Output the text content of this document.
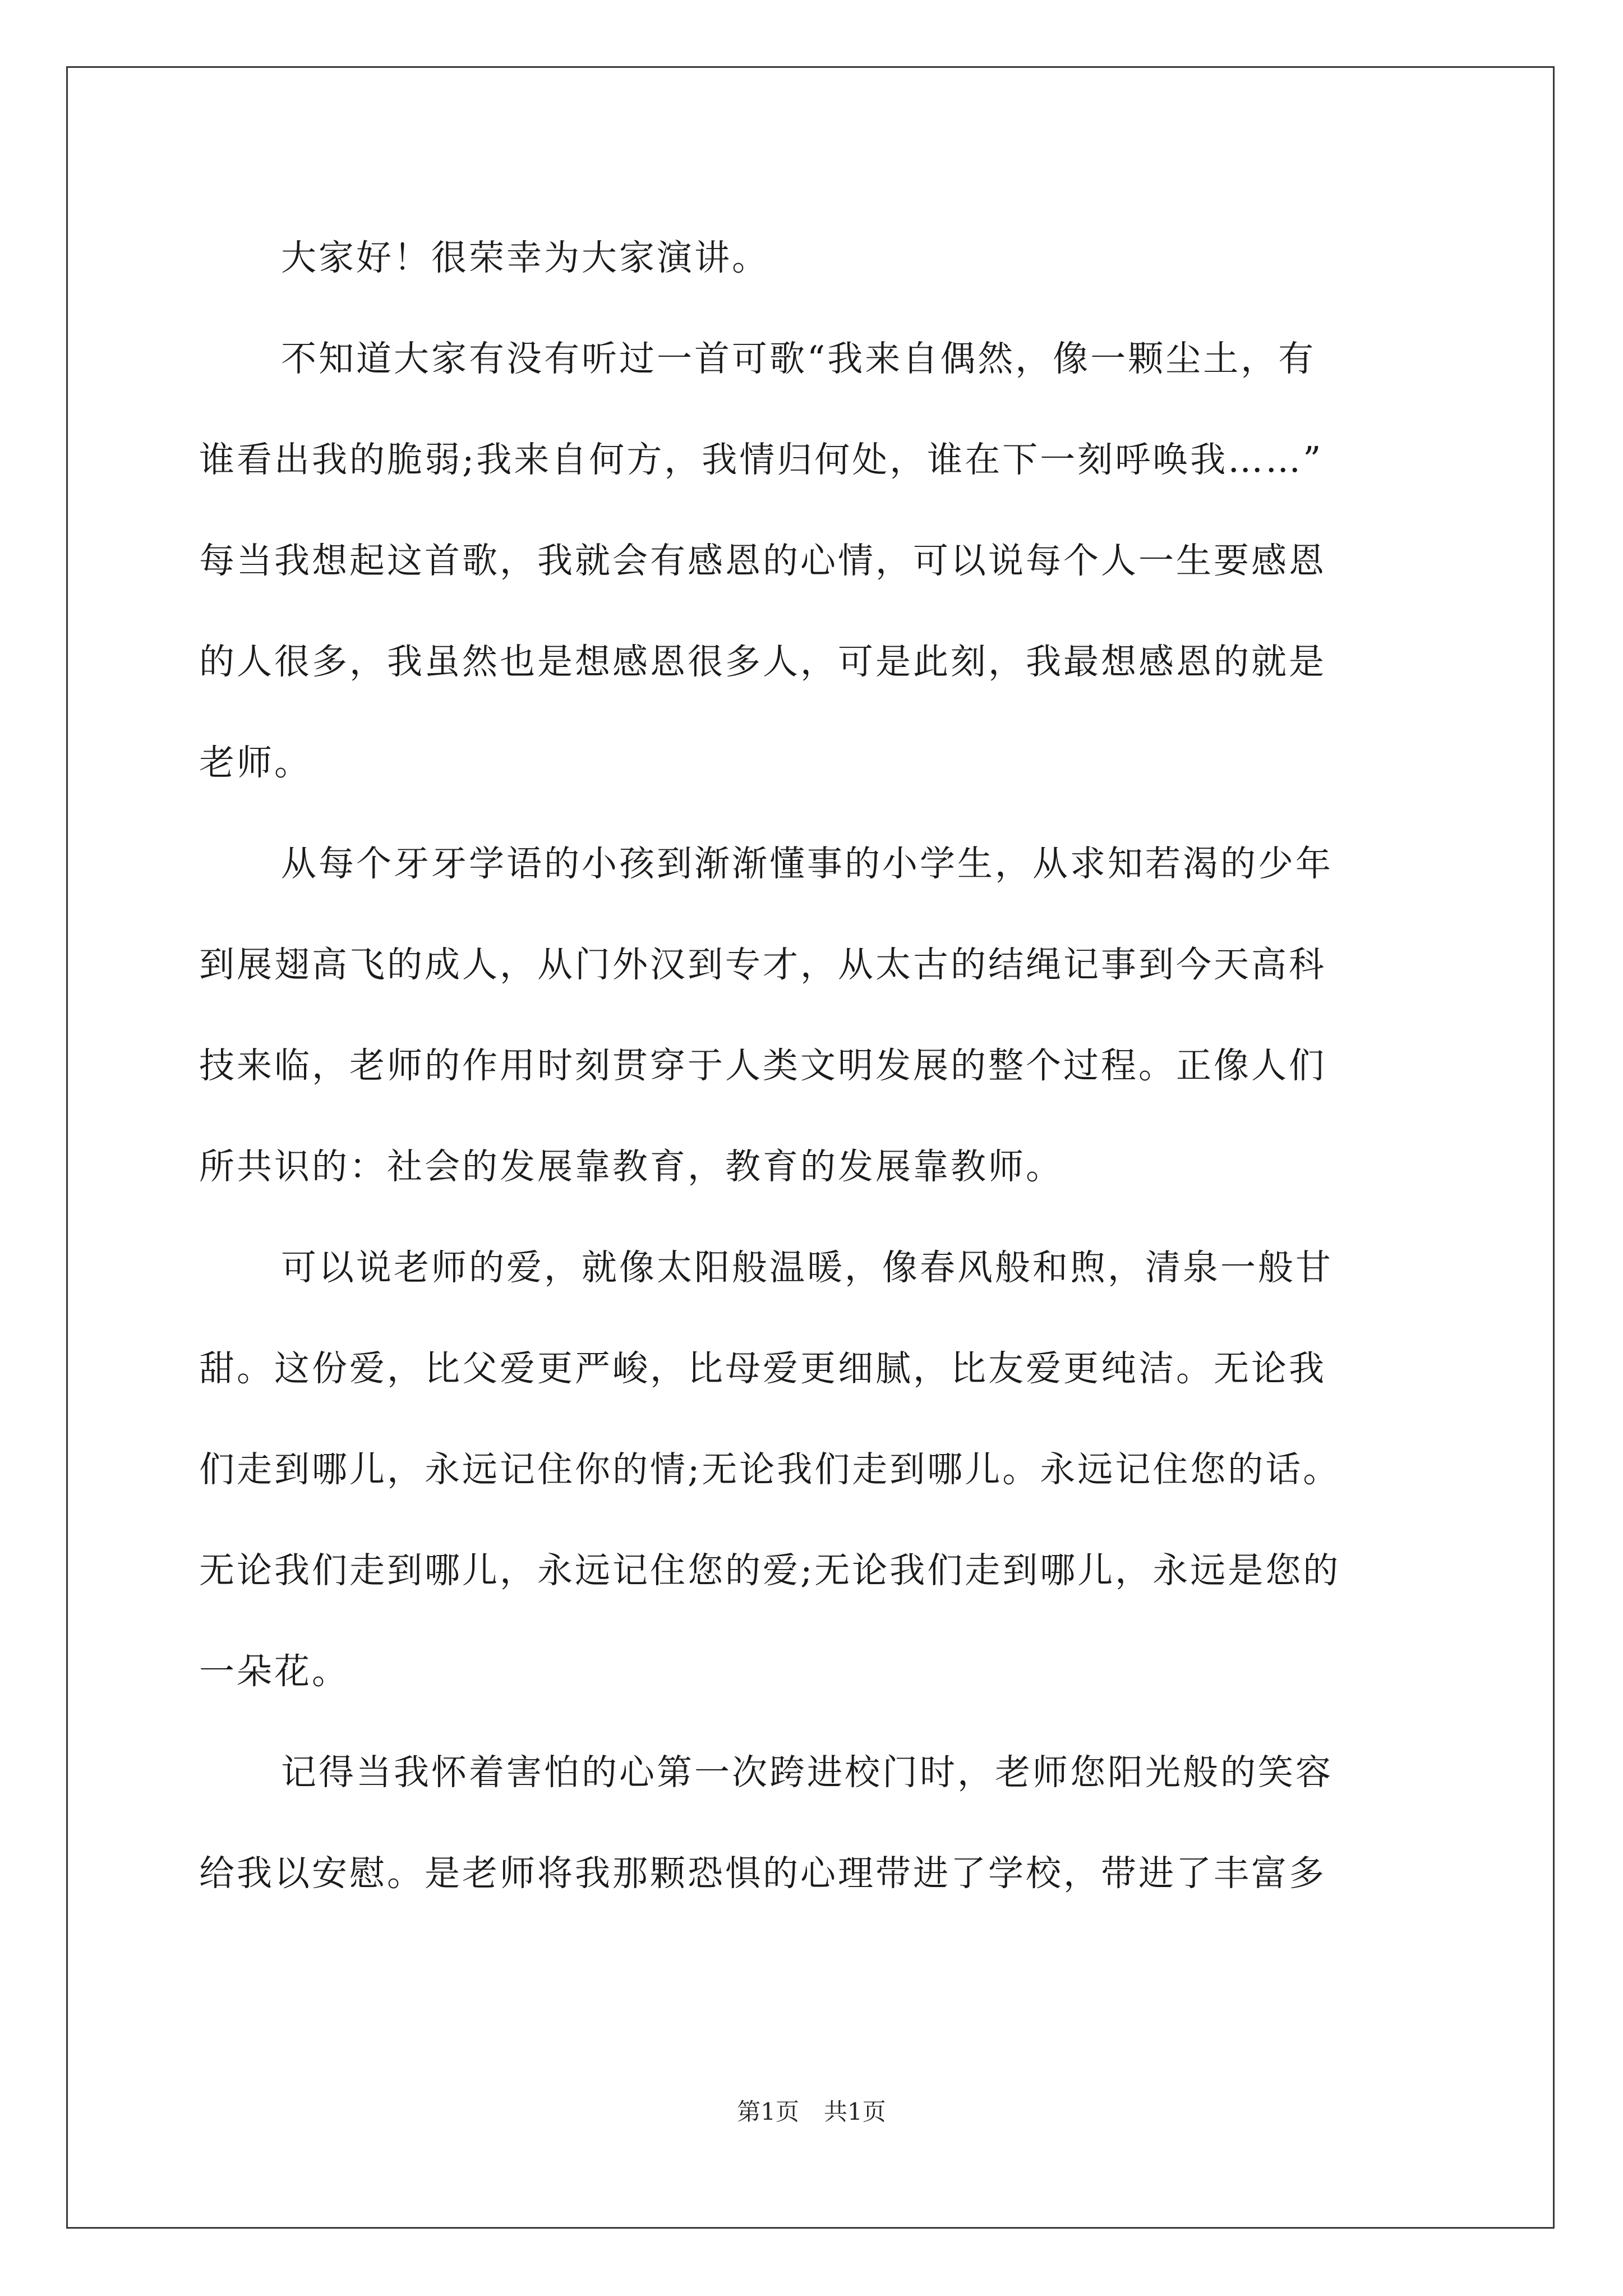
大家好！很荣幸为大家演讲。
不知道大家有没有听过一首可歌“我来自偶然，像一颗尘土，有
谁看出我的脆弱;我来自何方，我情归何处，谁在下一刻呼唤我……”
每当我想起这首歌，我就会有感恩的心情，可以说每个人一生要感恩
的人很多，我虽然也是想感恩很多人，可是此刻，我最想感恩的就是
老师。
从每个牙牙学语的小孩到渐渐懂事的小学生，从求知若渴的少年
到展翅高飞的成人，从门外汉到专才，从太古的结绳记事到今天高科
技来临，老师的作用时刻贯穿于人类文明发展的整个过程。正像人们
所共识的：社会的发展靠教育，教育的发展靠教师。
可以说老师的爱，就像太阳般温暖，像春风般和煦，清泉一般甘
甜。这份爱，比父爱更严峻，比母爱更细腻，比友爱更纯洁。无论我
们走到哪儿，永远记住你的情;无论我们走到哪儿。永远记住您的话。
无论我们走到哪儿，永远记住您的爱;无论我们走到哪儿，永远是您的
一朵花。
记得当我怀着害怕的心第一次跨进校门时，老师您阳光般的笑容
给我以安慰。是老师将我那颗恐惧的心理带进了学校，带进了丰富多
第1页 共1页
